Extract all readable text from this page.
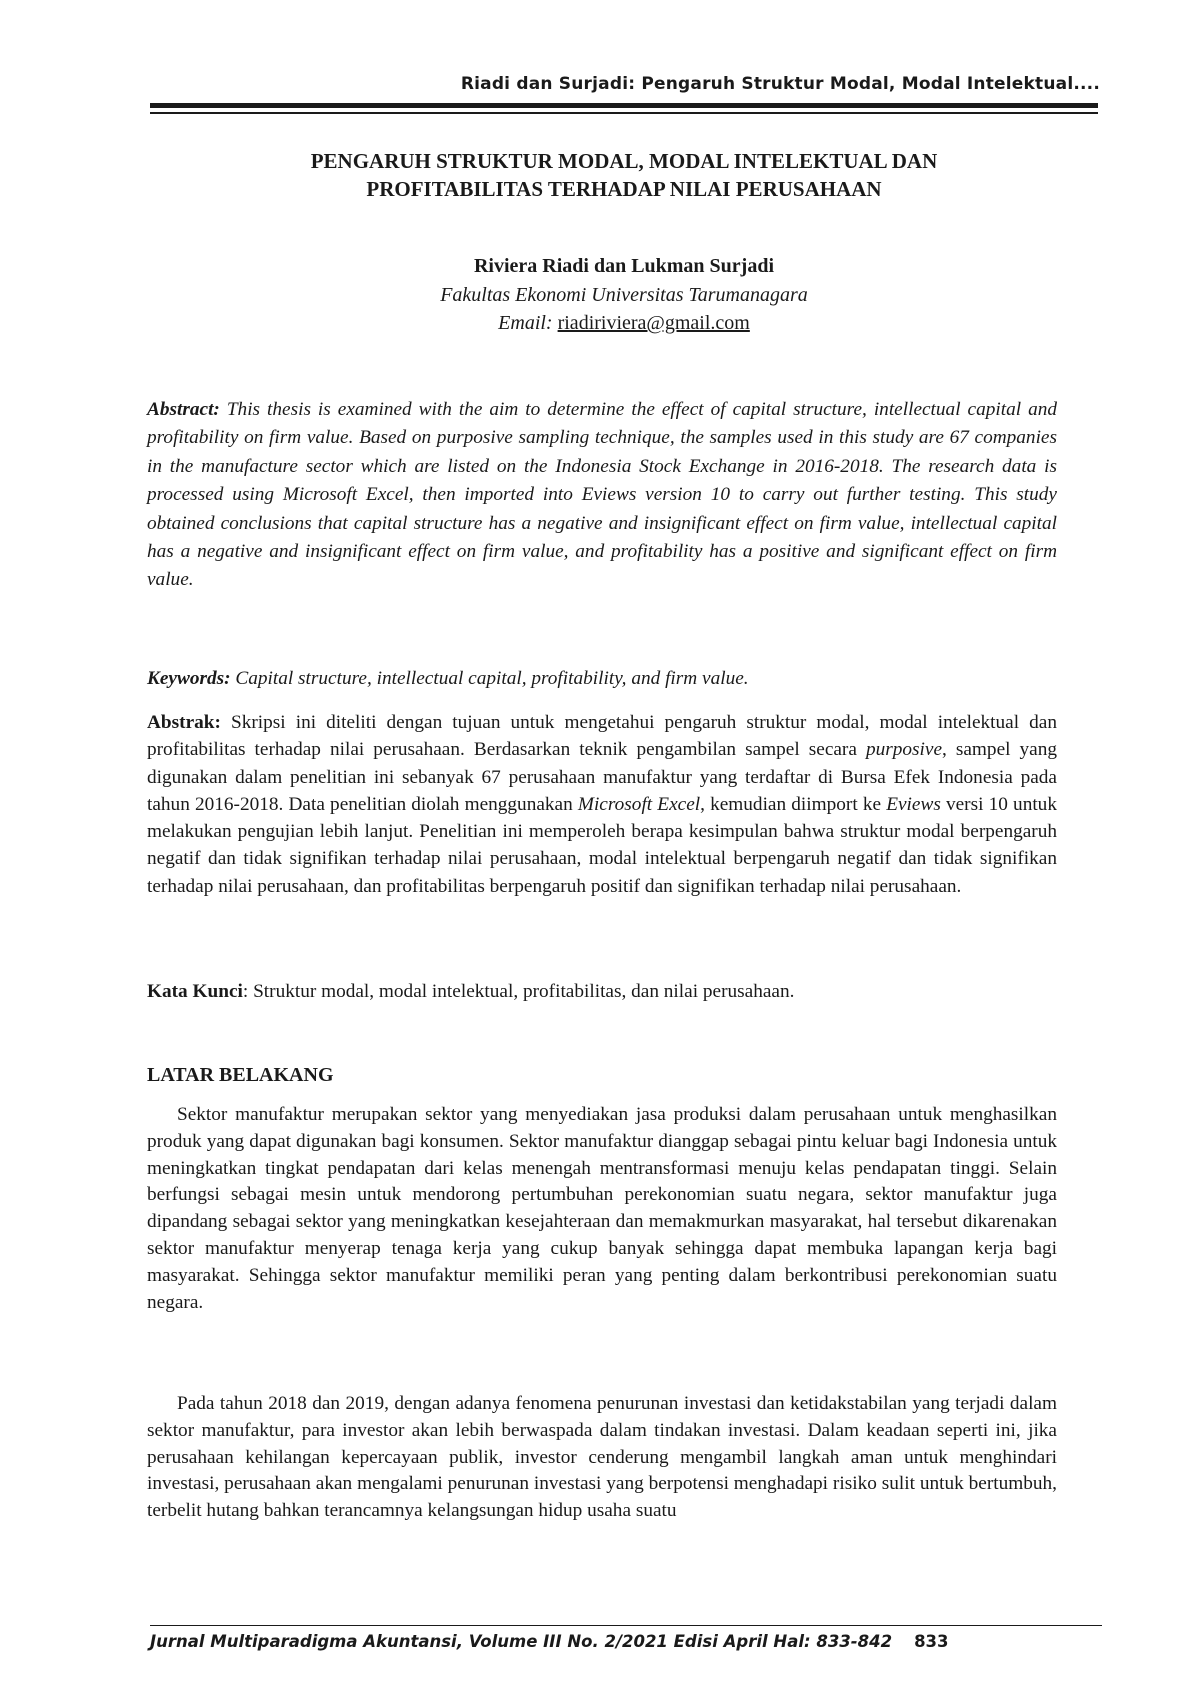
Riadi dan Surjadi: Pengaruh Struktur Modal, Modal Intelektual....
PENGARUH STRUKTUR MODAL, MODAL INTELEKTUAL DAN
PROFITABILITAS TERHADAP NILAI PERUSAHAAN
Riviera Riadi dan Lukman Surjadi
Fakultas Ekonomi Universitas Tarumanagara
Email: riadiriviera@gmail.com
Abstract: This thesis is examined with the aim to determine the effect of capital structure, intellectual capital and profitability on firm value. Based on purposive sampling technique, the samples used in this study are 67 companies in the manufacture sector which are listed on the Indonesia Stock Exchange in 2016-2018. The research data is processed using Microsoft Excel, then imported into Eviews version 10 to carry out further testing. This study obtained conclusions that capital structure has a negative and insignificant effect on firm value, intellectual capital has a negative and insignificant effect on firm value, and profitability has a positive and significant effect on firm value.
Keywords: Capital structure, intellectual capital, profitability, and firm value.
Abstrak: Skripsi ini diteliti dengan tujuan untuk mengetahui pengaruh struktur modal, modal intelektual dan profitabilitas terhadap nilai perusahaan. Berdasarkan teknik pengambilan sampel secara purposive, sampel yang digunakan dalam penelitian ini sebanyak 67 perusahaan manufaktur yang terdaftar di Bursa Efek Indonesia pada tahun 2016-2018. Data penelitian diolah menggunakan Microsoft Excel, kemudian diimport ke Eviews versi 10 untuk melakukan pengujian lebih lanjut. Penelitian ini memperoleh berapa kesimpulan bahwa struktur modal berpengaruh negatif dan tidak signifikan terhadap nilai perusahaan, modal intelektual berpengaruh negatif dan tidak signifikan terhadap nilai perusahaan, dan profitabilitas berpengaruh positif dan signifikan terhadap nilai perusahaan.
Kata Kunci: Struktur modal, modal intelektual, profitabilitas, dan nilai perusahaan.
LATAR BELAKANG
Sektor manufaktur merupakan sektor yang menyediakan jasa produksi dalam perusahaan untuk menghasilkan produk yang dapat digunakan bagi konsumen. Sektor manufaktur dianggap sebagai pintu keluar bagi Indonesia untuk meningkatkan tingkat pendapatan dari kelas menengah mentransformasi menuju kelas pendapatan tinggi. Selain berfungsi sebagai mesin untuk mendorong pertumbuhan perekonomian suatu negara, sektor manufaktur juga dipandang sebagai sektor yang meningkatkan kesejahteraan dan memakmurkan masyarakat, hal tersebut dikarenakan sektor manufaktur menyerap tenaga kerja yang cukup banyak sehingga dapat membuka lapangan kerja bagi masyarakat. Sehingga sektor manufaktur memiliki peran yang penting dalam berkontribusi perekonomian suatu negara.
Pada tahun 2018 dan 2019, dengan adanya fenomena penurunan investasi dan ketidakstabilan yang terjadi dalam sektor manufaktur, para investor akan lebih berwaspada dalam tindakan investasi. Dalam keadaan seperti ini, jika perusahaan kehilangan kepercayaan publik, investor cenderung mengambil langkah aman untuk menghindari investasi, perusahaan akan mengalami penurunan investasi yang berpotensi menghadapi risiko sulit untuk bertumbuh, terbelit hutang bahkan terancamnya kelangsungan hidup usaha suatu
Jurnal Multiparadigma Akuntansi, Volume III No. 2/2021 Edisi April Hal: 833-842 833
